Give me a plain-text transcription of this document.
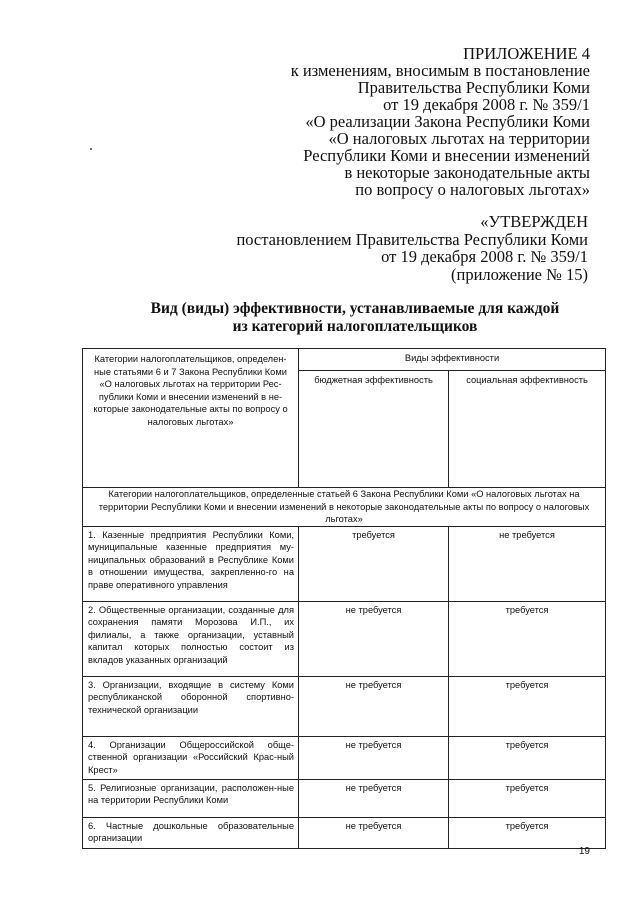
ПРИЛОЖЕНИЕ 4
к изменениям, вносимым в постановление
Правительства Республики Коми
от 19 декабря 2008 г. № 359/1
«О реализации Закона Республики Коми
«О налоговых льготах на территории
Республики Коми и внесении изменений
в некоторые законодательные акты
по вопросу о налоговых льготах»
«УТВЕРЖДЕН
постановлением Правительства Республики Коми
от 19 декабря 2008 г. № 359/1
(приложение № 15)
Вид (виды) эффективности, устанавливаемые для каждой
из категорий налогоплательщиков
Категории налогоплательщиков, определен-ные статьями 6 и 7 Закона Республики Коми «О налоговых льготах на территории Рес-публики Коми и внесении изменений в не-которые законодательные акты по вопросу о налоговых льготах»	Виды эффективности	
	бюджетная эффективность	социальная эффективность
Категории налогоплательщиков, определенные статьей 6 Закона Республики Коми «О налоговых льготах на территории Республики Коми и внесении изменений в некоторые законодательные акты по вопросу о налоговых льготах»		
1. Казенные предприятия Республики Коми, муниципальные казенные предприятия му-ниципальных образований в Республике Коми в отношении имущества, закрепленно-го на праве оперативного управления	требуется	не требуется
2. Общественные организации, созданные для сохранения памяти Морозова И.П., их филиалы, а также организации, уставный капитал которых полностью состоит из вкладов указанных организаций	не требуется	требуется
3. Организации, входящие в систему Коми республиканской оборонной спортивно-технической организации	не требуется	требуется
4. Организации Общероссийской обще-ственной организации «Российский Крас-ный Крест»	не требуется	требуется
5. Религиозные организации, расположен-ные на территории Республики Коми	не требуется	требуется
6. Частные дошкольные образовательные организации	не требуется	требуется
19
